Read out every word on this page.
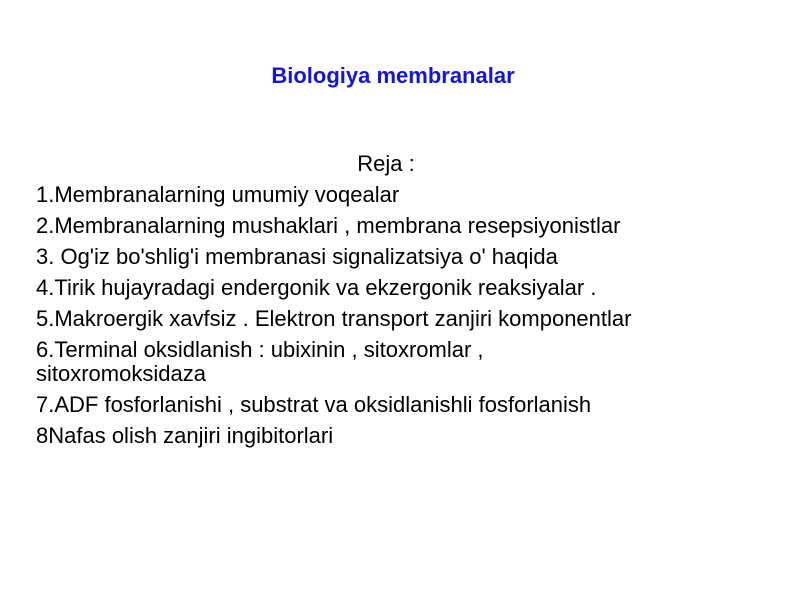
Biologiya membranalar
Reja :
1.Membranalarning umumiy voqealar
2.Membranalarning mushaklari , membrana resepsiyonistlar
3. Og'iz bo'shlig'i membranasi signalizatsiya o' haqida
4.Tirik hujayradagi endergonik va ekzergonik reaksiyalar .
5.Makroergik xavfsiz . Elektron transport zanjiri komponentlar
6.Terminal oksidlanish : ubixinin , sitoxromlar , sitoxromoksidaza
7.ADF fosforlanishi , substrat va oksidlanishli fosforlanish
8Nafas olish zanjiri ingibitorlari
